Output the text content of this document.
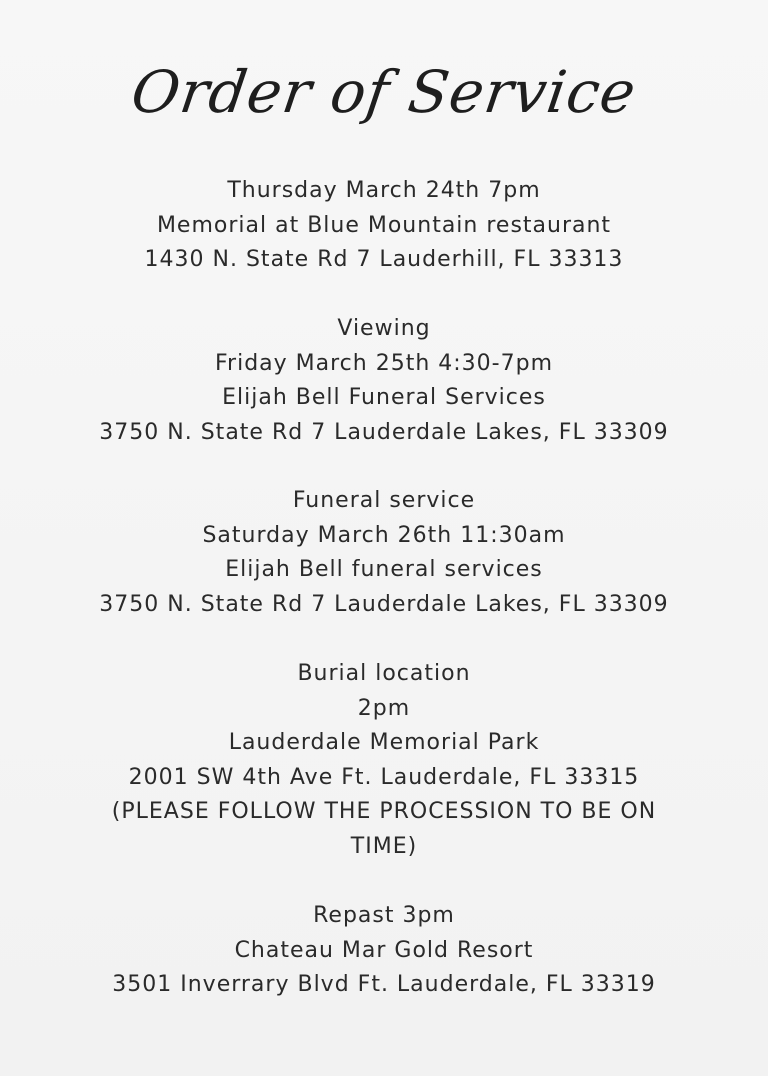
Order of Service
Thursday March 24th 7pm
Memorial at Blue Mountain restaurant
1430 N. State Rd 7 Lauderhill, FL 33313
Viewing
Friday March 25th 4:30-7pm
Elijah Bell Funeral Services
3750 N. State Rd 7 Lauderdale Lakes, FL 33309
Funeral service
Saturday March 26th 11:30am
Elijah Bell funeral services
3750 N. State Rd 7 Lauderdale Lakes, FL 33309
Burial location
2pm
Lauderdale Memorial Park
2001 SW 4th Ave Ft. Lauderdale, FL 33315
(PLEASE FOLLOW THE PROCESSION TO BE ON
TIME)
Repast 3pm
Chateau Mar Gold Resort
3501 Inverrary Blvd Ft. Lauderdale, FL 33319
